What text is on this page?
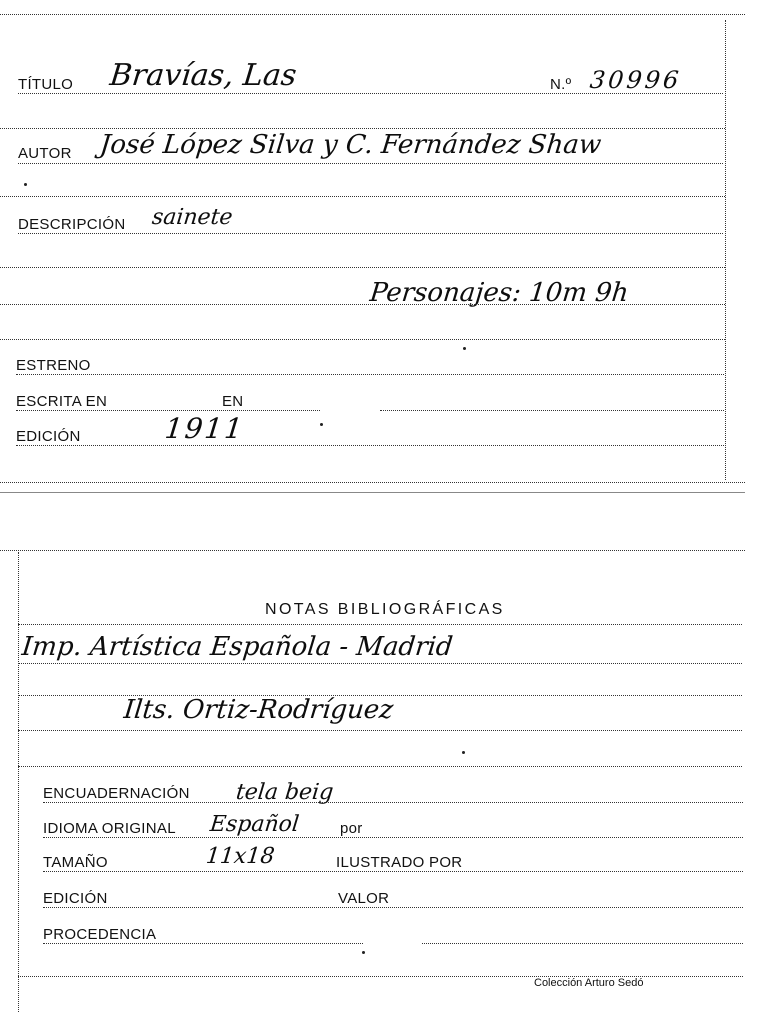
TÍTULO Bravías, Las	N.º 30996
AUTOR José López Silva y C. Fernández Shaw
DESCRIPCIÓN sainete
Personajes: 10m 9h
ESTRENO
ESCRITA EN	EN
EDICIÓN	1911
NOTAS BIBLIOGRÁFICAS
Imp. Artística Española - Madrid
Ilts. Ortiz-Rodríguez
ENCUADERNACIÓN tela beig
IDIOMA ORIGINAL Español	por
TAMAÑO	11x18	ILUSTRADO POR
EDICIÓN	VALOR
PROCEDENCIA
Colección Arturo Sedó
